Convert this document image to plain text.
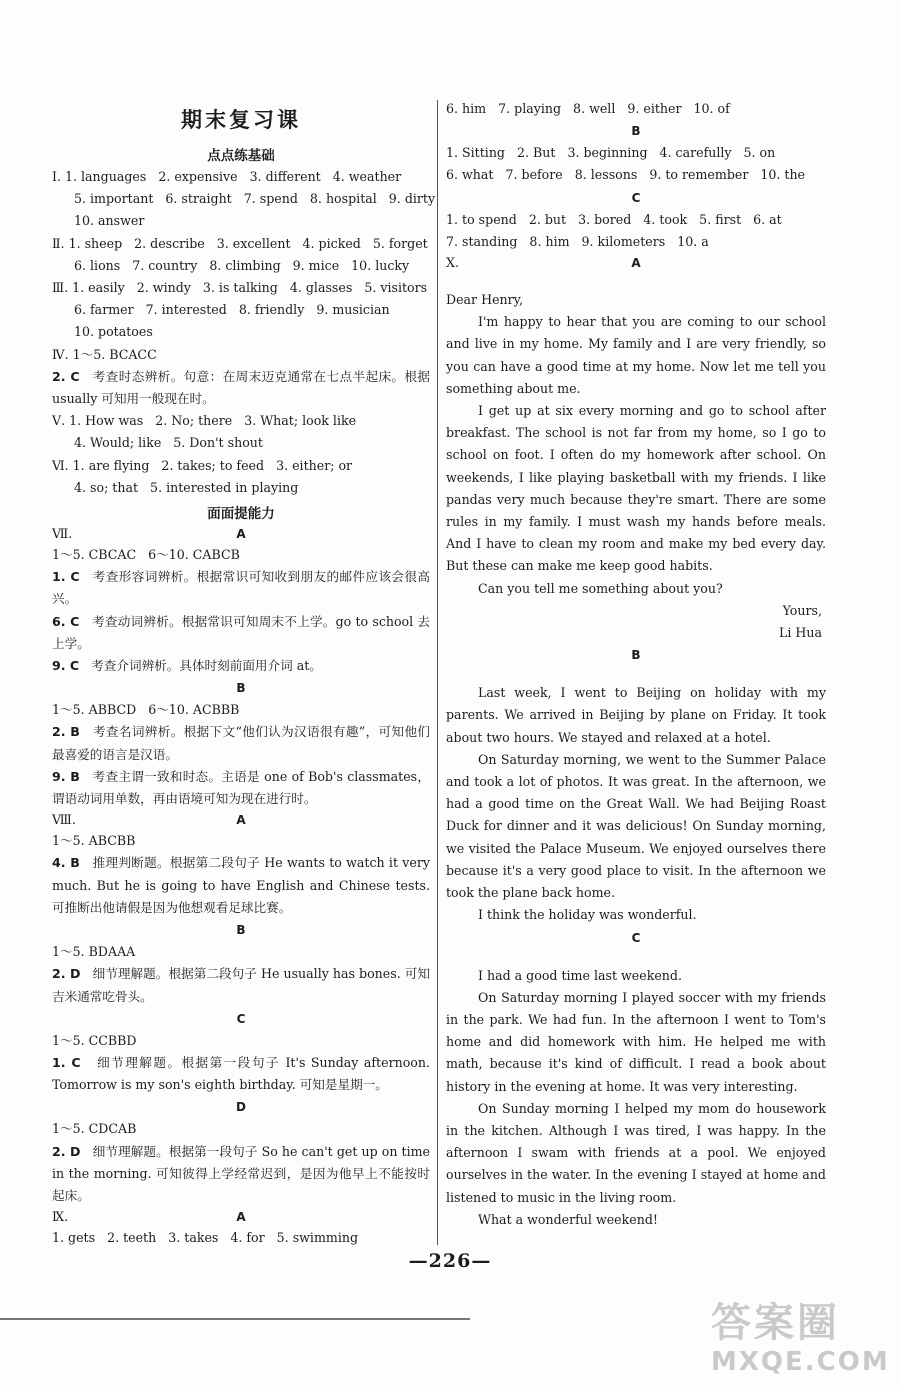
期末复习课
点点练基础
Ⅰ. 1. languages   2. expensive   3. different   4. weather
5. important   6. straight   7. spend   8. hospital   9. dirty
10. answer
Ⅱ. 1. sheep   2. describe   3. excellent   4. picked   5. forget
6. lions   7. country   8. climbing   9. mice   10. lucky
Ⅲ. 1. easily   2. windy   3. is talking   4. glasses   5. visitors
6. farmer   7. interested   8. friendly   9. musician
10. potatoes
Ⅳ. 1～5. BCACC
2. C 考查时态辨析。句意：在周末迈克通常在七点半起床。根据 usually 可知用一般现在时。
Ⅴ. 1. How was   2. No; there   3. What; look like
4. Would; like   5. Don't shout
Ⅵ. 1. are flying   2. takes; to feed   3. either; or
4. so; that   5. interested in playing
面面提能力
Ⅶ.	A
1～5. CBCAC   6～10. CABCB
1. C 考查形容词辨析。根据常识可知收到朋友的邮件应该会很高兴。
6. C 考查动词辨析。根据常识可知周末不上学。go to school 去上学。
9. C 考查介词辨析。具体时刻前面用介词 at。
B
1～5. ABBCD   6～10. ACBBB
2. B 考查名词辨析。根据下文“他们认为汉语很有趣”，可知他们最喜爱的语言是汉语。
9. B 考查主谓一致和时态。主语是 one of Bob's classmates，谓语动词用单数，再由语境可知为现在进行时。
Ⅷ.	A
1～5. ABCBB
4. B 推理判断题。根据第二段句子 He wants to watch it very much. But he is going to have English and Chinese tests. 可推断出他请假是因为他想观看足球比赛。
B
1～5. BDAAA
2. D 细节理解题。根据第二段句子 He usually has bones. 可知吉米通常吃骨头。
C
1～5. CCBBD
1. C 细节理解题。根据第一段句子 It's Sunday afternoon. Tomorrow is my son's eighth birthday. 可知是星期一。
D
1～5. CDCAB
2. D 细节理解题。根据第一段句子 So he can't get up on time in the morning. 可知彼得上学经常迟到，是因为他早上不能按时起床。
Ⅸ.	A
1. gets   2. teeth   3. takes   4. for   5. swimming
6. him   7. playing   8. well   9. either   10. of
B
1. Sitting   2. But   3. beginning   4. carefully   5. on
6. what   7. before   8. lessons   9. to remember   10. the
C
1. to spend   2. but   3. bored   4. took   5. first   6. at
7. standing   8. him   9. kilometers   10. a
Ⅹ.	A

Dear Henry,

I'm happy to hear that you are coming to our school and live in my home. My family and I are very friendly, so you can have a good time at my home. Now let me tell you something about me.

I get up at six every morning and go to school after breakfast. The school is not far from my home, so I go to school on foot. I often do my homework after school. On weekends, I like playing basketball with my friends. I like pandas very much because they're smart. There are some rules in my family. I must wash my hands before meals. And I have to clean my room and make my bed every day. But these can make me keep good habits.

Can you tell me something about you?

Yours,
Li Hua
B

Last week, I went to Beijing on holiday with my parents. We arrived in Beijing by plane on Friday. It took about two hours. We stayed and relaxed at a hotel.

On Saturday morning, we went to the Summer Palace and took a lot of photos. It was great. In the afternoon, we had a good time on the Great Wall. We had Beijing Roast Duck for dinner and it was delicious! On Sunday morning, we visited the Palace Museum. We enjoyed ourselves there because it's a very good place to visit. In the afternoon we took the plane back home.

I think the holiday was wonderful.

C

I had a good time last weekend.

On Saturday morning I played soccer with my friends in the park. We had fun. In the afternoon I went to Tom's home and did homework with him. He helped me with math, because it's kind of difficult. I read a book about history in the evening at home. It was very interesting.

On Sunday morning I helped my mom do housework in the kitchen. Although I was tired, I was happy. In the afternoon I swam with friends at a pool. We enjoyed ourselves in the water. In the evening I stayed at home and listened to music in the living room.

What a wonderful weekend!

—226—
答案圈
MXQE.COM
